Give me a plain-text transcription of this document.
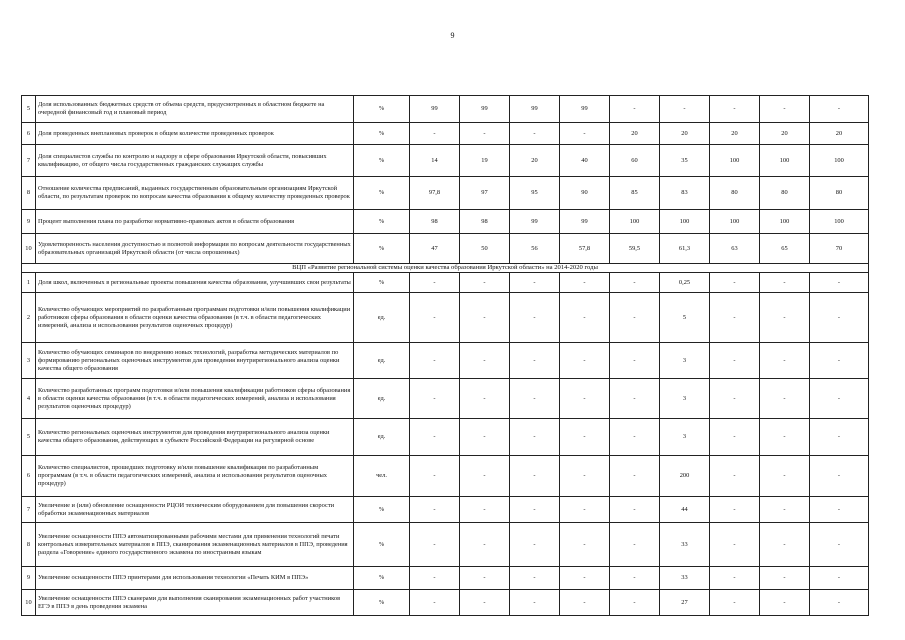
9
5	Доля использованных бюджетных средств от объема средств, предусмотренных в областном бюджете на очередной финансовый год и плановый период	%	99	99	99	99	-	-	-	-	-
6	Доля проведенных внеплановых проверок в общем количестве проведенных проверок	%	-	-	-	-	20	20	20	20	20
7	Доля специалистов службы по контролю и надзору в сфере образования Иркутской области, повысивших квалификацию, от общего числа государственных гражданских служащих службы	%	14	19	20	40	60	35	100	100	100
8	Отношение количества предписаний, выданных государственным образовательным организациям Иркутской области, по результатам проверок по вопросам качества образования к общему количеству проведенных проверок	%	97,8	97	95	90	85	83	80	80	80
9	Процент выполнения плана по разработке нормативно-правовых актов в области образования	%	98	98	99	99	100	100	100	100	100
10	Удовлетворенность населения доступностью и полнотой информации по вопросам деятельности государственных образовательных организаций Иркутской области (от числа опрошенных)	%	47	50	56	57,8	59,5	61,3	63	65	70
ВЦП «Развитие региональной системы оценки качества образования Иркутской области» на 2014-2020 годы											
1	Доля школ, включенных в региональные проекты повышения качества образования, улучшивших свои результаты	%	-	-	-	-	-	0,25	-	-	-
2	Количество обучающих мероприятий по разработанным программам подготовки и/или повышения квалификации работников сферы образования в области оценки качества образования (в т.ч. в области педагогических измерений, анализа и использования результатов оценочных процедур)	ед.	-	-	-	-	-	5	-	-	-
3	Количество обучающих семинаров по внедрению новых технологий, разработка методических материалов по формированию региональных оценочных инструментов для проведения внутрирегионального анализа оценки качества общего образования	ед.	-	-	-	-	-	3	-	-	-
4	Количество разработанных программ подготовки и/или повышения квалификации работников сферы образования в области оценки качества образования (в т.ч. в области педагогических измерений, анализа и использования результатов оценочных процедур)	ед.	-	-	-	-	-	3	-	-	-
5	Количество региональных оценочных инструментов для проведения внутрирегионального анализа оценки качества общего образования, действующих в субъекте Российской Федерации на регулярной основе	ед.	-	-	-	-	-	3	-	-	-
6	Количество специалистов, прошедших подготовку и/или повышение квалификации по разработанным программам (в т.ч. в области педагогических измерений, анализа и использования результатов оценочных процедур)	чел.	-	-	-	-	-	200	-	-	-
7	Увеличение и (или) обновление оснащенности РЦОИ техническим оборудованием для повышения скорости обработки экзаменационных материалов	%	-	-	-	-	-	44	-	-	-
8	Увеличение оснащенности ППЭ автоматизированными рабочими местами для применения технологий печати контрольных измерительных материалов в ППЭ, сканирования экзаменационных материалов в ППЭ, проведения раздела «Говорение» единого государственного экзамена по иностранным языкам	%	-	-	-	-	-	33	-	-	-
9	Увеличение оснащенности ППЭ принтерами для использования технологии «Печать КИМ в ППЭ»	%	-	-	-	-	-	33	-	-	-
10	Увеличение оснащенности ППЭ сканерами для выполнения сканирования экзаменационных работ участников ЕГЭ в ППЭ в день проведения экзамена	%	-	-	-	-	-	27	-	-	-
